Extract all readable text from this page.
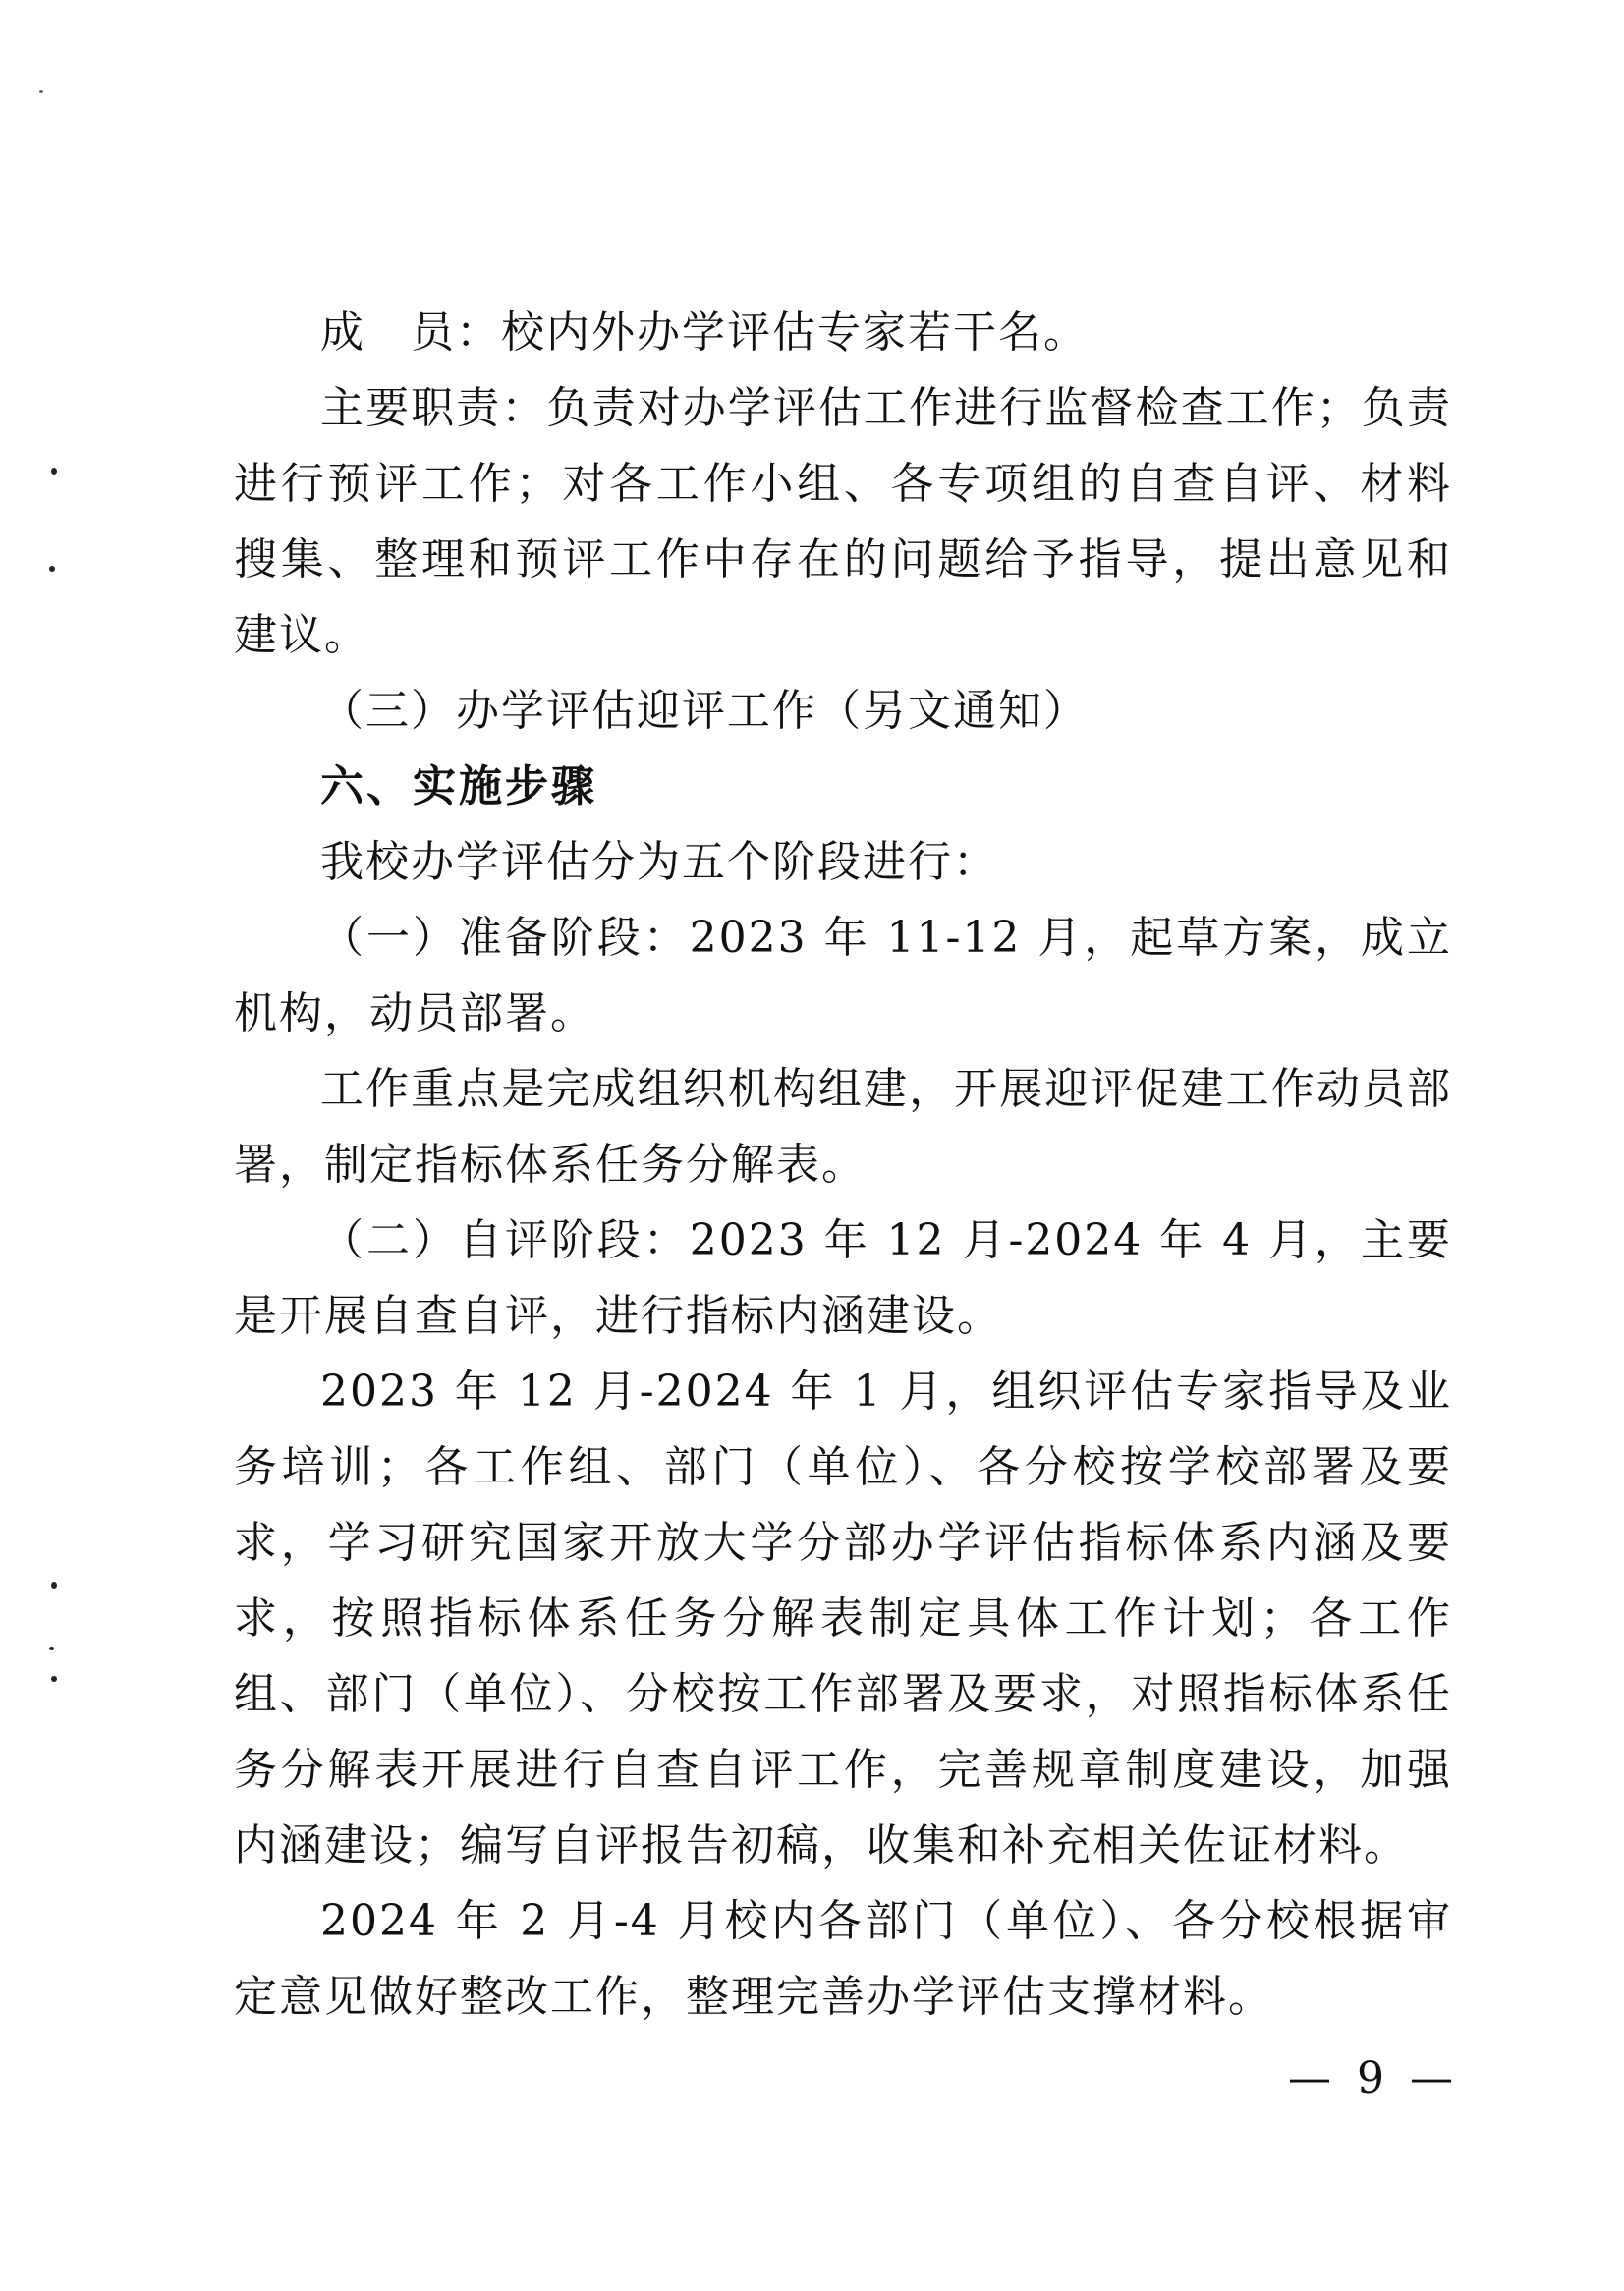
成　员：校内外办学评估专家若干名。

主要职责：负责对办学评估工作进行监督检查工作；负责进行预评工作；对各工作小组、各专项组的自查自评、材料搜集、整理和预评工作中存在的问题给予指导，提出意见和建议。

（三）办学评估迎评工作（另文通知）

六、实施步骤

我校办学评估分为五个阶段进行：

（一）准备阶段：2023 年 11-12 月，起草方案，成立机构，动员部署。

工作重点是完成组织机构组建，开展迎评促建工作动员部署，制定指标体系任务分解表。

（二）自评阶段：2023 年 12 月-2024 年 4 月，主要是开展自查自评，进行指标内涵建设。

2023 年 12 月-2024 年 1 月，组织评估专家指导及业务培训；各工作组、部门（单位）、各分校按学校部署及要求，学习研究国家开放大学分部办学评估指标体系内涵及要求，按照指标体系任务分解表制定具体工作计划；各工作组、部门（单位）、分校按工作部署及要求，对照指标体系任务分解表开展进行自查自评工作，完善规章制度建设，加强内涵建设；编写自评报告初稿，收集和补充相关佐证材料。

2024 年 2 月-4 月校内各部门（单位）、各分校根据审定意见做好整改工作，整理完善办学评估支撑材料。

— 9 —
